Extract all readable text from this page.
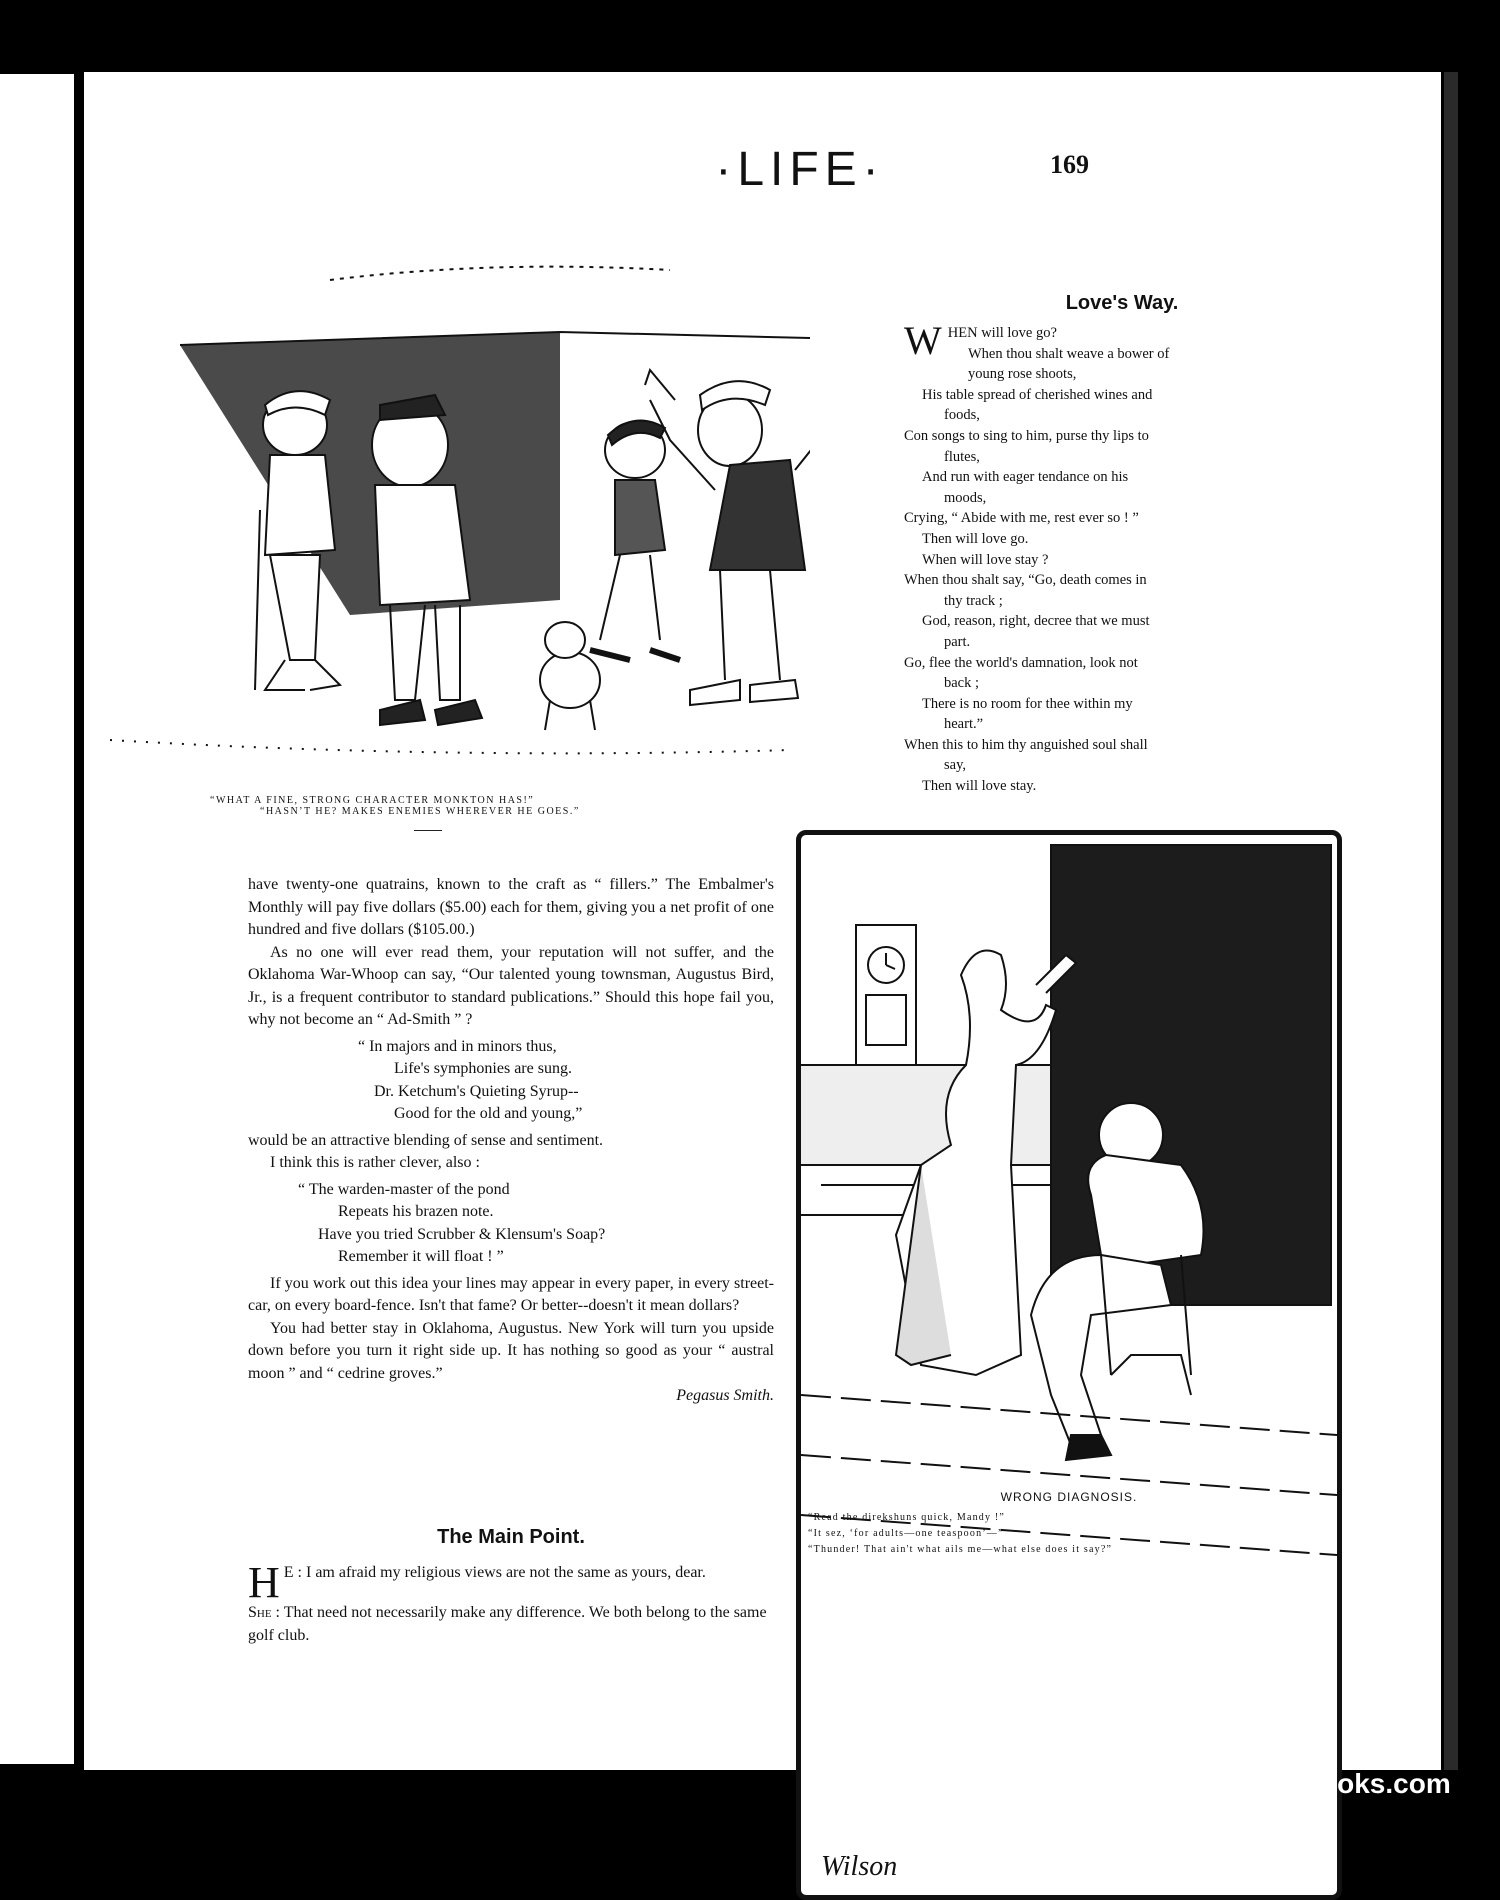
·LIFE·	169
“WHAT A FINE, STRONG CHARACTER MONKTON HAS!”
“HASN’T HE? MAKES ENEMIES WHEREVER HE GOES.”
Love's Way.
W HEN will love go?
When thou shalt weave a bower of
young rose shoots,
His table spread of cherished wines and
foods,
Con songs to sing to him, purse thy lips to
flutes,
And run with eager tendance on his
moods,
Crying, “ Abide with me, rest ever so ! ”
Then will love go.
When will love stay ?
When thou shalt say, “Go, death comes in
thy track ;
God, reason, right, decree that we must
part.
Go, flee the world's damnation, look not
back ;
There is no room for thee within my
heart.”
When this to him thy anguished soul shall
say,
Then will love stay.

have twenty-one quatrains, known to the craft as “ fillers.” The Embalmer's Monthly will pay five dollars ($5.00) each for them, giving you a net profit of one hundred and five dollars ($105.00.)

As no one will ever read them, your reputation will not suffer, and the Oklahoma War-Whoop can say, “Our talented young townsman, Augustus Bird, Jr., is a frequent contributor to standard publications.” Should this hope fail you, why not become an “ Ad-Smith ” ?

“ In majors and in minors thus,
Life's symphonies are sung.
Dr. Ketchum's Quieting Syrup--
Good for the old and young,”

would be an attractive blending of sense and sentiment.

I think this is rather clever, also :

“ The warden-master of the pond
Repeats his brazen note.
Have you tried Scrubber & Klensum's Soap?
Remember it will float ! ”

If you work out this idea your lines may appear in every paper, in every street-car, on every board-fence. Isn't that fame? Or better--doesn't it mean dollars?

You had better stay in Oklahoma, Augustus. New York will turn you upside down before you turn it right side up. It has nothing so good as your “ austral moon ” and “ cedrine groves.”

Pegasus Smith.
The Main Point.
H E : I am afraid my religious views are not the same as yours, dear.
She : That need not necessarily make any difference. We both belong to the same golf club.
Wilson
WRONG DIAGNOSIS.
“Read the direkshuns quick, Mandy !”
“It sez, ‘for adults—one teaspoon’—”
“Thunder! That ain't what ails me—what else does it say?”
comicbooks.com
